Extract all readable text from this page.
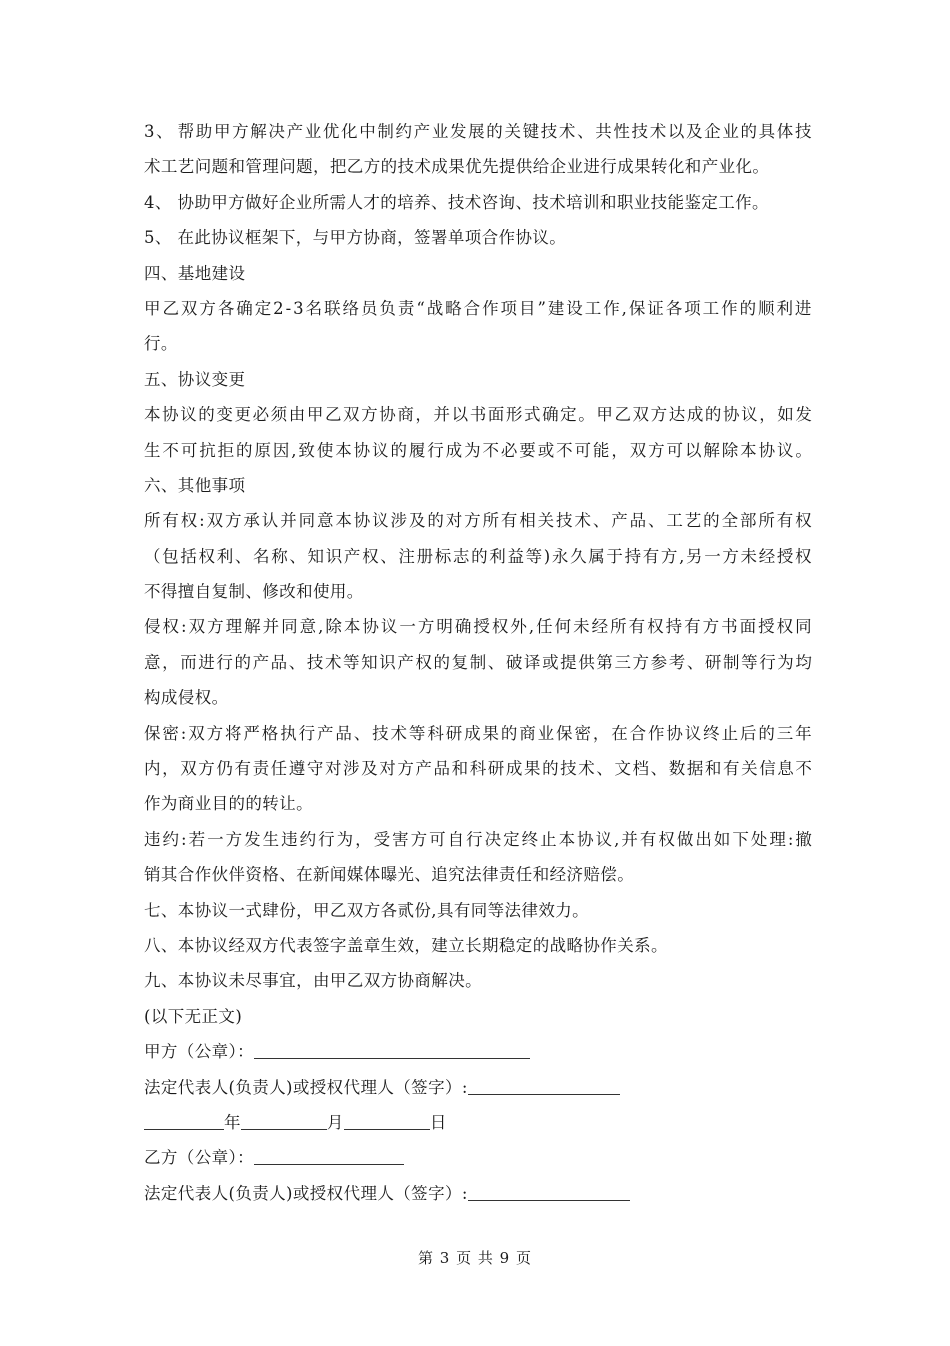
3 、 帮 助 甲 方 解 决 产 业 优 化 中 制 约 产 业 发 展 的 关 键 技 术 、 共 性 技 术 以 及 企 业 的 具 体 技
术工艺问题和管理问题，把乙方的技术成果优先提供给企业进行成果转化和产业化。
4、 协助甲方做好企业所需人才的培养、技术咨询、技术培训和职业技能鉴定工作。
5、 在此协议框架下，与甲方协商，签署单项合作协议。
四、基地建设
甲 乙 双 方 各 确 定 2 - 3 名 联 络 员 负 责 “ 战 略 合 作 项 目 ” 建 设 工 作 , 保 证 各 项 工 作 的 顺 利 进
行。
五、协议变更
本 协 议 的 变 更 必 须 由 甲 乙 双 方 协 商 ， 并 以 书 面 形 式 确 定 。 甲 乙 双 方 达 成 的 协 议 ， 如 发
生 不 可 抗 拒 的 原 因 , 致 使 本 协 议 的 履 行 成 为 不 必 要 或 不 可 能 ， 双 方 可 以 解 除 本 协 议 。
六、其他事项
所 有 权 : 双 方 承 认 并 同 意 本 协 议 涉 及 的 对 方 所 有 相 关 技 术 、 产 品 、 工 艺 的 全 部 所 有 权
（ 包 括 权 利 、 名 称 、 知 识 产 权 、 注 册 标 志 的 利 益 等 ) 永 久 属 于 持 有 方 , 另 一 方 未 经 授 权
不得擅自复制、修改和使用。
侵 权 : 双 方 理 解 并 同 意 , 除 本 协 议 一 方 明 确 授 权 外 , 任 何 未 经 所 有 权 持 有 方 书 面 授 权 同
意 ， 而 进 行 的 产 品 、 技 术 等 知 识 产 权 的 复 制 、 破 译 或 提 供 第 三 方 参 考 、 研 制 等 行 为 均
构成侵权。
保 密 : 双 方 将 严 格 执 行 产 品 、 技 术 等 科 研 成 果 的 商 业 保 密 ， 在 合 作 协 议 终 止 后 的 三 年
内 ， 双 方 仍 有 责 任 遵 守 对 涉 及 对 方 产 品 和 科 研 成 果 的 技 术 、 文 档 、 数 据 和 有 关 信 息 不
作为商业目的的转让。
违 约 : 若 一 方 发 生 违 约 行 为 ， 受 害 方 可 自 行 决 定 终 止 本 协 议 , 并 有 权 做 出 如 下 处 理 : 撤
销其合作伙伴资格、在新闻媒体曝光、追究法律责任和经济赔偿。
七、本协议一式肆份，甲乙双方各贰份,具有同等法律效力。
八、本协议经双方代表签字盖章生效，建立长期稳定的战略协作关系。
九、本协议未尽事宜，由甲乙双方协商解决。
(以下无正文)
甲方（公章）：
法定代表人(负责人)或授权代理人（签字）:
年	月	日
乙方（公章）：
法定代表人(负责人)或授权代理人（签字）:
第 3 页 共 9 页
